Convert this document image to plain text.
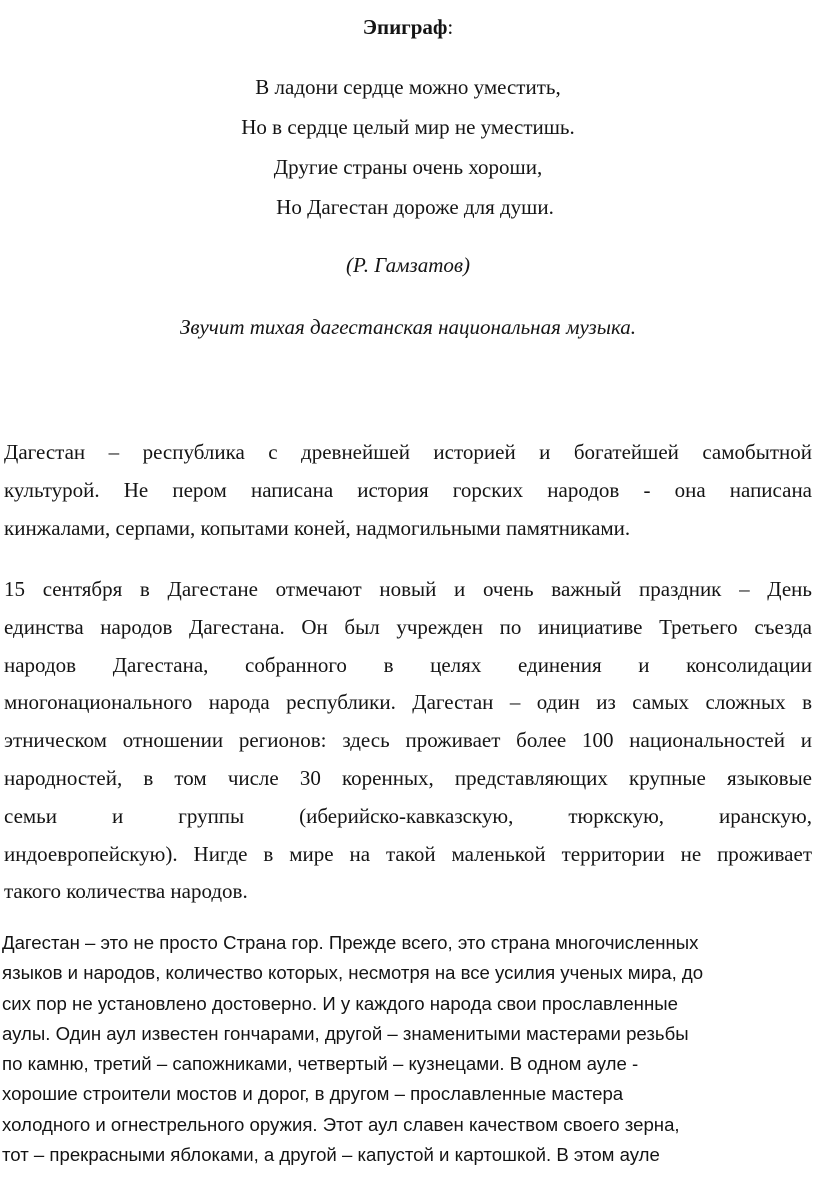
Эпиграф:
В ладони сердце можно уместить,
Но в сердце целый мир не уместишь.
Другие страны очень хороши,
Но Дагестан дороже для души.
(Р. Гамзатов)
Звучит тихая дагестанская национальная музыка.

Дагестан – республика с древнейшей историей и богатейшей самобытной
культурой. Не пером написана история горских народов - она написана
кинжалами, серпами, копытами коней, надмогильными памятниками.

15 сентября в Дагестане отмечают новый и очень важный праздник – День
единства народов Дагестана. Он был учрежден по инициативе Третьего съезда
народов Дагестана, собранного в целях единения и консолидации
многонационального народа республики. Дагестан – один из самых сложных в
этническом отношении регионов: здесь проживает более 100 национальностей и
народностей, в том числе 30 коренных, представляющих крупные языковые
семьи и группы (иберийско-кавказскую, тюркскую, иранскую,
индоевропейскую). Нигде в мире на такой маленькой территории не проживает
такого количества народов.

Дагестан – это не просто Страна гор. Прежде всего, это страна многочисленных
языков и народов, количество которых, несмотря на все усилия ученых мира, до
сих пор не установлено достоверно. И у каждого народа свои прославленные
аулы. Один аул известен гончарами, другой – знаменитыми мастерами резьбы
по камню, третий – сапожниками, четвертый – кузнецами. В одном ауле -
хорошие строители мостов и дорог, в другом – прославленные мастера
холодного и огнестрельного оружия. Этот аул славен качеством своего зерна,
тот – прекрасными яблоками, а другой – капустой и картошкой. В этом ауле
